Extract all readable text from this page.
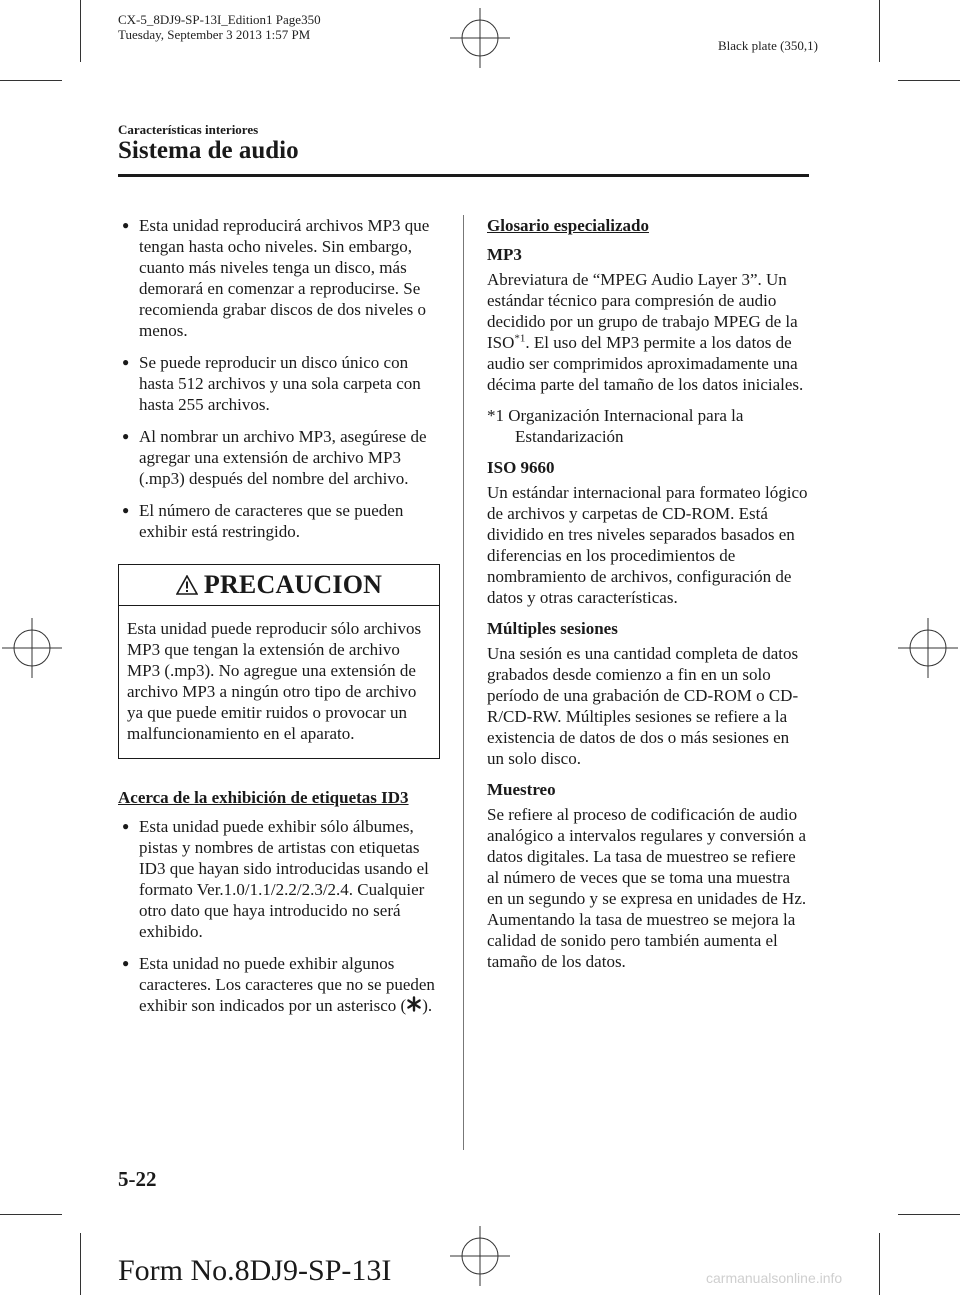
CX-5_8DJ9-SP-13I_Edition1 Page350
Tuesday, September 3 2013 1:57 PM
Black plate (350,1)
Características interiores
Sistema de audio
● Esta unidad reproducirá archivos MP3 que tengan hasta ocho niveles. Sin embargo, cuanto más niveles tenga un disco, más demorará en comenzar a reproducirse. Se recomienda grabar discos de dos niveles o menos.
● Se puede reproducir un disco único con hasta 512 archivos y una sola carpeta con hasta 255 archivos.
● Al nombrar un archivo MP3, asegúrese de agregar una extensión de archivo MP3 (.mp3) después del nombre del archivo.
● El número de caracteres que se pueden exhibir está restringido.
PRECAUCION
Esta unidad puede reproducir sólo archivos MP3 que tengan la extensión de archivo MP3 (.mp3). No agregue una extensión de archivo MP3 a ningún otro tipo de archivo ya que puede emitir ruidos o provocar un malfuncionamiento en el aparato.

Acerca de la exhibición de etiquetas ID3

● Esta unidad puede exhibir sólo álbumes, pistas y nombres de artistas con etiquetas ID3 que hayan sido introducidas usando el formato Ver.1.0/1.1/2.2/2.3/2.4. Cualquier otro dato que haya introducido no será exhibido.
● Esta unidad no puede exhibir algunos caracteres. Los caracteres que no se pueden exhibir son indicados por un asterisco ( ).

Glosario especializado

MP3

Abreviatura de “MPEG Audio Layer 3”. Un estándar técnico para compresión de audio decidido por un grupo de trabajo MPEG de la ISO$^{*1}$. El uso del MP3 permite a los datos de audio ser comprimidos aproximadamente una décima parte del tamaño de los datos iniciales.

*1 Organización Internacional para la Estandarización

ISO 9660

Un estándar internacional para formateo lógico de archivos y carpetas de CD-ROM. Está dividido en tres niveles separados basados en diferencias en los procedimientos de nombramiento de archivos, configuración de datos y otras características.

Múltiples sesiones

Una sesión es una cantidad completa de datos grabados desde comienzo a fin en un solo período de una grabación de CD-ROM o CD-R/CD-RW. Múltiples sesiones se refiere a la existencia de datos de dos o más sesiones en un solo disco.

Muestreo

Se refiere al proceso de codificación de audio analógico a intervalos regulares y conversión a datos digitales. La tasa de muestreo se refiere al número de veces que se toma una muestra en un segundo y se expresa en unidades de Hz. Aumentando la tasa de muestreo se mejora la calidad de sonido pero también aumenta el tamaño de los datos.

5-22
Form No.8DJ9-SP-13I	carmanualsonline.info
